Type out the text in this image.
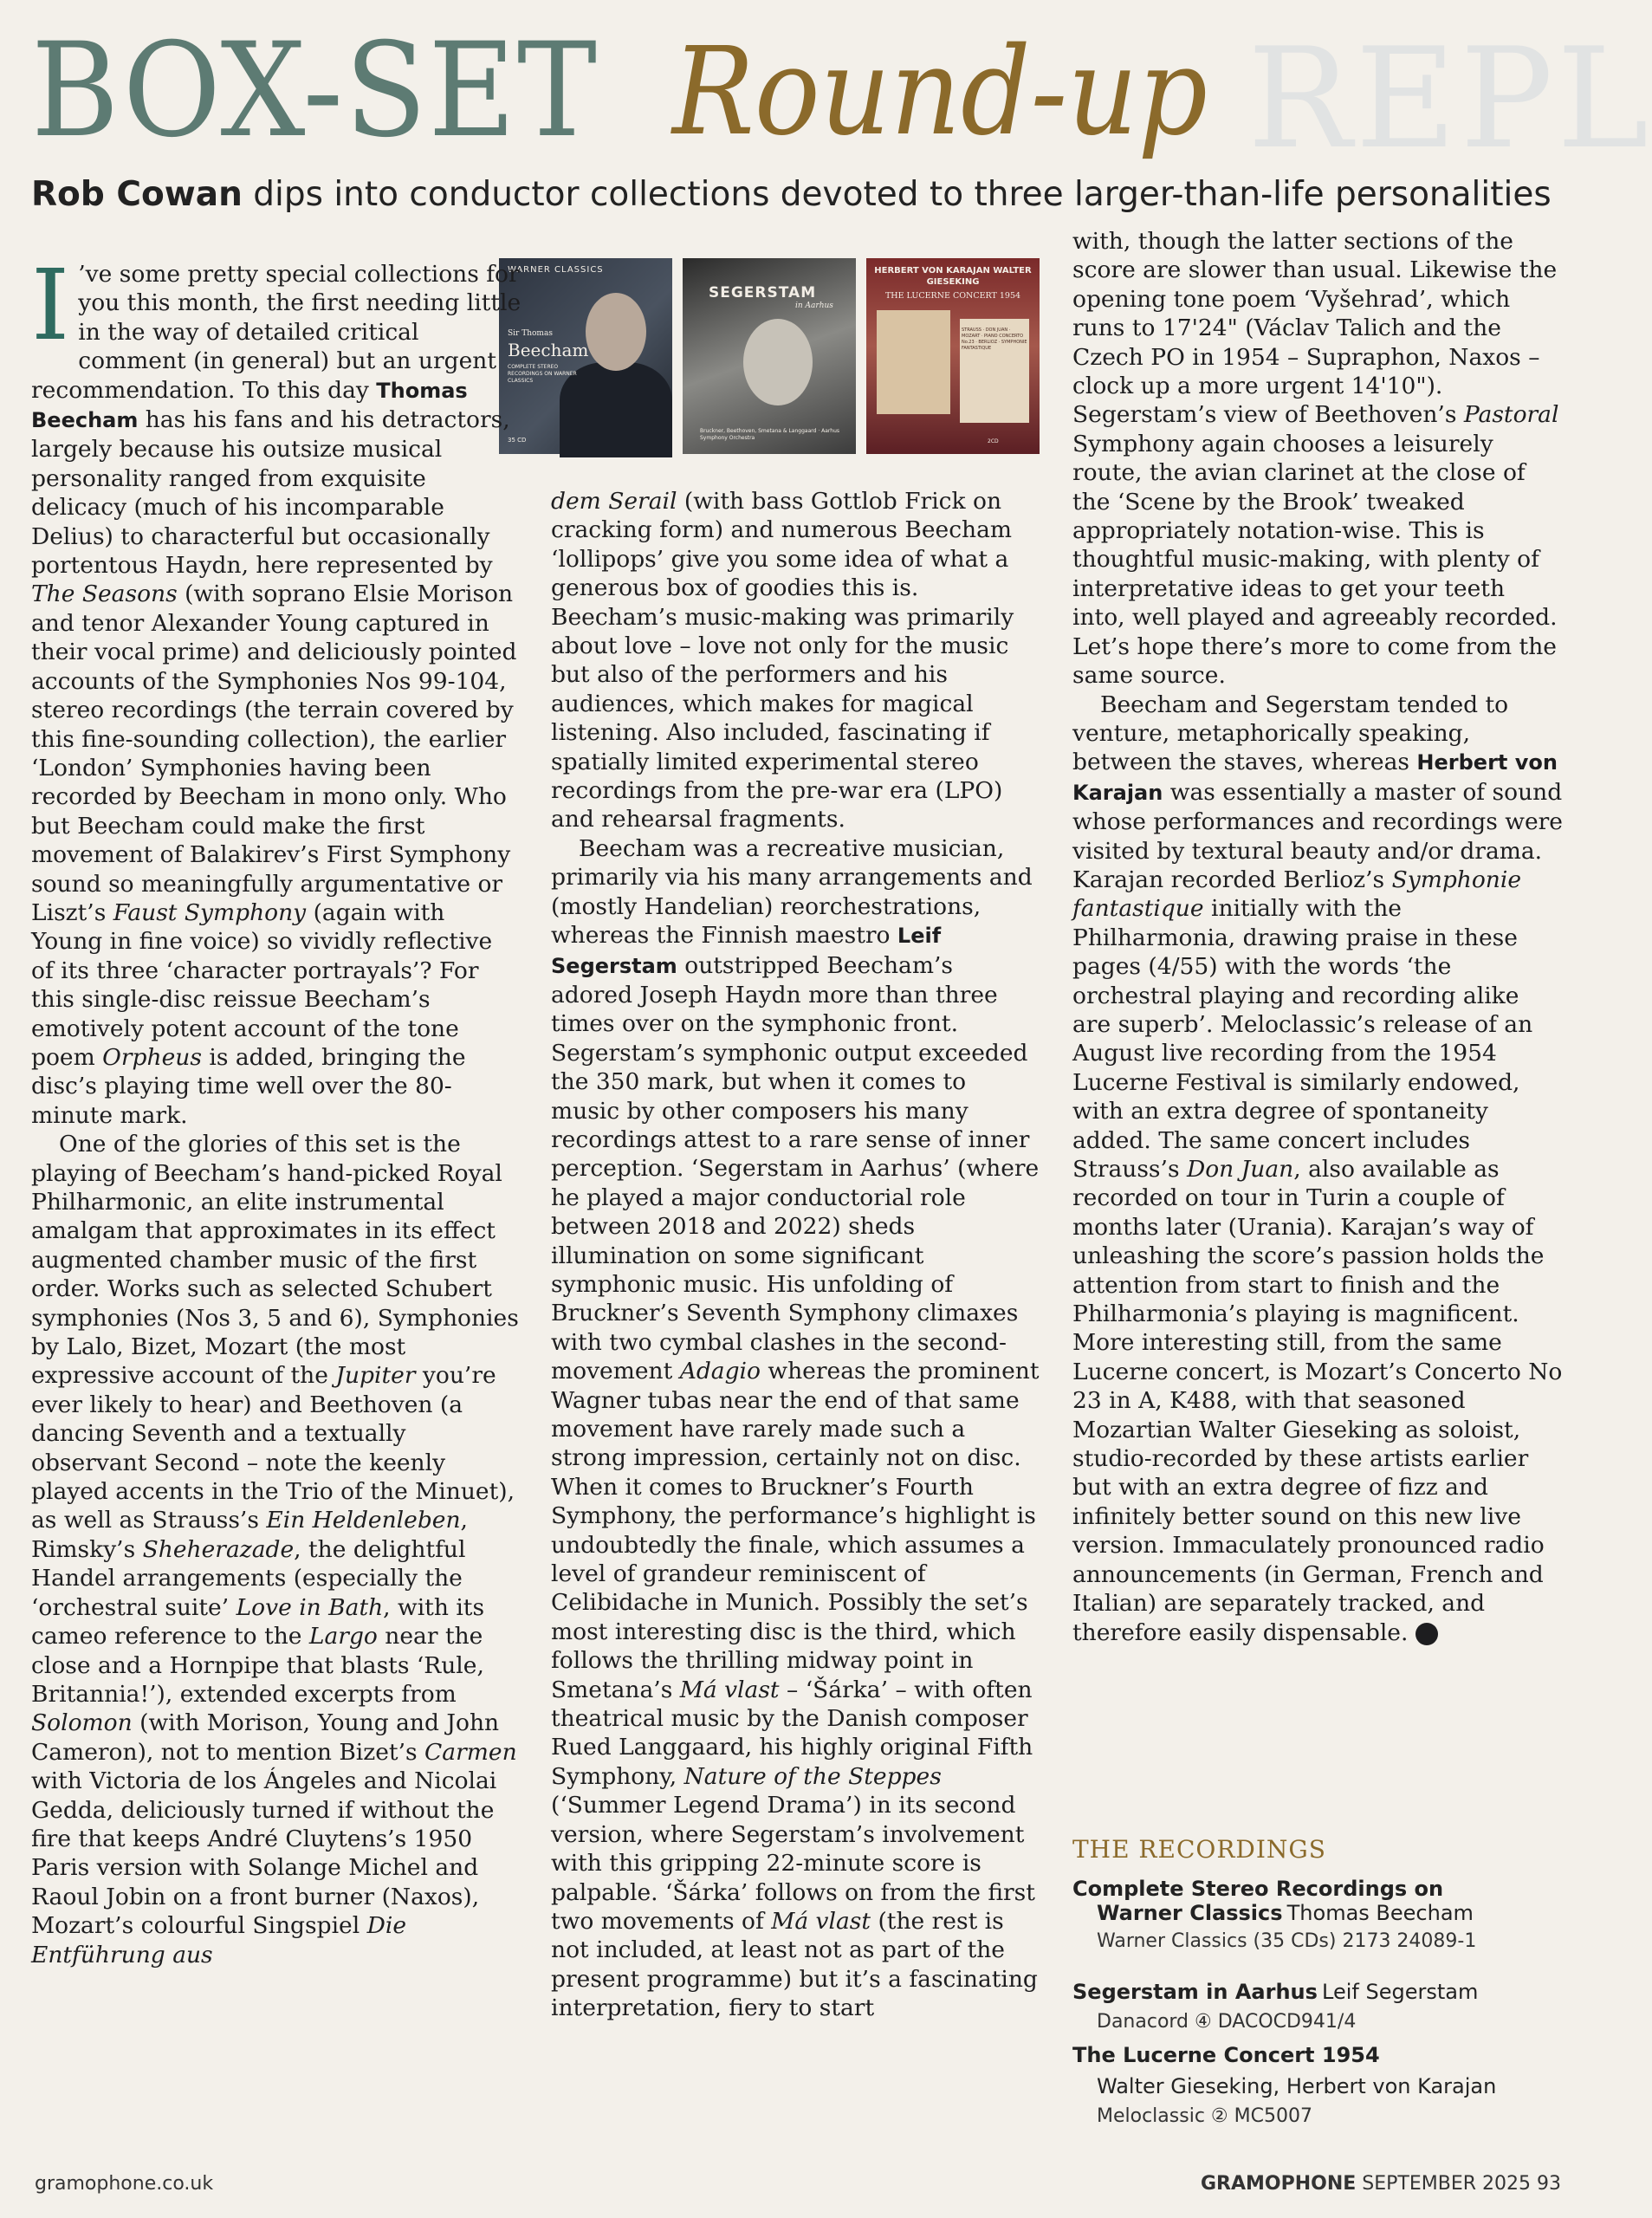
REPL
BOX-SET Round-up
Rob Cowan dips into conductor collections devoted to three larger-than-life personalities
WARNER CLASSICS
Sir Thomas
Beecham
COMPLETE STEREO RECORDINGS ON WARNER CLASSICS
35 CD
SEGERSTAM
in Aarhus
Bruckner, Beethoven, Smetana & Langgaard · Aarhus Symphony Orchestra
HERBERT VON KARAJAN WALTER GIESEKING
THE LUCERNE CONCERT 1954
STRAUSS · DON JUAN · MOZART · PIANO CONCERTO No.23 · BERLIOZ · SYMPHONIE FANTASTIQUE
2CD

I ’ve some pretty special collections for you this month, the first needing little in the way of detailed critical comment (in general) but an urgent recommendation. To this day Thomas Beecham has his fans and his detractors, largely because his outsize musical personality ranged from exquisite delicacy (much of his incomparable Delius) to characterful but occasionally portentous Haydn, here represented by The Seasons (with soprano Elsie Morison and tenor Alexander Young captured in their vocal prime) and deliciously pointed accounts of the Symphonies Nos 99-104, stereo recordings (the terrain covered by this fine-sounding collection), the earlier ‘London’ Symphonies having been recorded by Beecham in mono only. Who but Beecham could make the first movement of Balakirev’s First Symphony sound so meaningfully argumentative or Liszt’s Faust Symphony (again with Young in fine voice) so vividly reflective of its three ‘character portrayals’? For this single-disc reissue Beecham’s emotively potent account of the tone poem Orpheus is added, bringing the disc’s playing time well over the 80-minute mark.

One of the glories of this set is the playing of Beecham’s hand-picked Royal Philharmonic, an elite instrumental amalgam that approximates in its effect augmented chamber music of the first order. Works such as selected Schubert symphonies (Nos 3, 5 and 6), Symphonies by Lalo, Bizet, Mozart (the most expressive account of the Jupiter you’re ever likely to hear) and Beethoven (a dancing Seventh and a textually observant Second – note the keenly played accents in the Trio of the Minuet), as well as Strauss’s Ein Heldenleben, Rimsky’s Sheherazade, the delightful Handel arrangements (especially the ‘orchestral suite’ Love in Bath, with its cameo reference to the Largo near the close and a Hornpipe that blasts ‘Rule, Britannia!’), extended excerpts from Solomon (with Morison, Young and John Cameron), not to mention Bizet’s Carmen with Victoria de los Ángeles and Nicolai Gedda, deliciously turned if without the fire that keeps André Cluytens’s 1950 Paris version with Solange Michel and Raoul Jobin on a front burner (Naxos), Mozart’s colourful Singspiel Die Entführung aus

dem Serail (with bass Gottlob Frick on cracking form) and numerous Beecham ‘lollipops’ give you some idea of what a generous box of goodies this is. Beecham’s music-making was primarily about love – love not only for the music but also of the performers and his audiences, which makes for magical listening. Also included, fascinating if spatially limited experimental stereo recordings from the pre-war era (LPO) and rehearsal fragments.

Beecham was a recreative musician, primarily via his many arrangements and (mostly Handelian) reorchestrations, whereas the Finnish maestro Leif Segerstam outstripped Beecham’s adored Joseph Haydn more than three times over on the symphonic front. Segerstam’s symphonic output exceeded the 350 mark, but when it comes to music by other composers his many recordings attest to a rare sense of inner perception. ‘Segerstam in Aarhus’ (where he played a major conductorial role between 2018 and 2022) sheds illumination on some significant symphonic music. His unfolding of Bruckner’s Seventh Symphony climaxes with two cymbal clashes in the second-movement Adagio whereas the prominent Wagner tubas near the end of that same movement have rarely made such a strong impression, certainly not on disc. When it comes to Bruckner’s Fourth Symphony, the performance’s highlight is undoubtedly the finale, which assumes a level of grandeur reminiscent of Celibidache in Munich. Possibly the set’s most interesting disc is the third, which follows the thrilling midway point in Smetana’s Má vlast – ‘Šárka’ – with often theatrical music by the Danish composer Rued Langgaard, his highly original Fifth Symphony, Nature of the Steppes (‘Summer Legend Drama’) in its second version, where Segerstam’s involvement with this gripping 22-minute score is palpable. ‘Šárka’ follows on from the first two movements of Má vlast (the rest is not included, at least not as part of the present programme) but it’s a fascinating interpretation, fiery to start

with, though the latter sections of the score are slower than usual. Likewise the opening tone poem ‘Vyšehrad’, which runs to 17'24" (Václav Talich and the Czech PO in 1954 – Supraphon, Naxos – clock up a more urgent 14'10"). Segerstam’s view of Beethoven’s Pastoral Symphony again chooses a leisurely route, the avian clarinet at the close of the ‘Scene by the Brook’ tweaked appropriately notation-wise. This is thoughtful music-making, with plenty of interpretative ideas to get your teeth into, well played and agreeably recorded. Let’s hope there’s more to come from the same source.

Beecham and Segerstam tended to venture, metaphorically speaking, between the staves, whereas Herbert von Karajan was essentially a master of sound whose performances and recordings were visited by textural beauty and/or drama. Karajan recorded Berlioz’s Symphonie fantastique initially with the Philharmonia, drawing praise in these pages (4/55) with the words ‘the orchestral playing and recording alike are superb’. Meloclassic’s release of an August live recording from the 1954 Lucerne Festival is similarly endowed, with an extra degree of spontaneity added. The same concert includes Strauss’s Don Juan, also available as recorded on tour in Turin a couple of months later (Urania). Karajan’s way of unleashing the score’s passion holds the attention from start to finish and the Philharmonia’s playing is magnificent. More interesting still, from the same Lucerne concert, is Mozart’s Concerto No 23 in A, K488, with that seasoned Mozartian Walter Gieseking as soloist, studio-recorded by these artists earlier but with an extra degree of fizz and infinitely better sound on this new live version. Immaculately pronounced radio announcements (in German, French and Italian) are separately tracked, and therefore easily dispensable. G

THE RECORDINGS
Complete Stereo Recordings on
Warner Classics Thomas Beecham
Warner Classics (35 CDs) 2173 24089-1
Segerstam in Aarhus Leif Segerstam
Danacord ④ DACOCD941/4
The Lucerne Concert 1954
Walter Gieseking, Herbert von Karajan
Meloclassic ② MC5007
gramophone.co.uk	GRAMOPHONE SEPTEMBER 2025 93
